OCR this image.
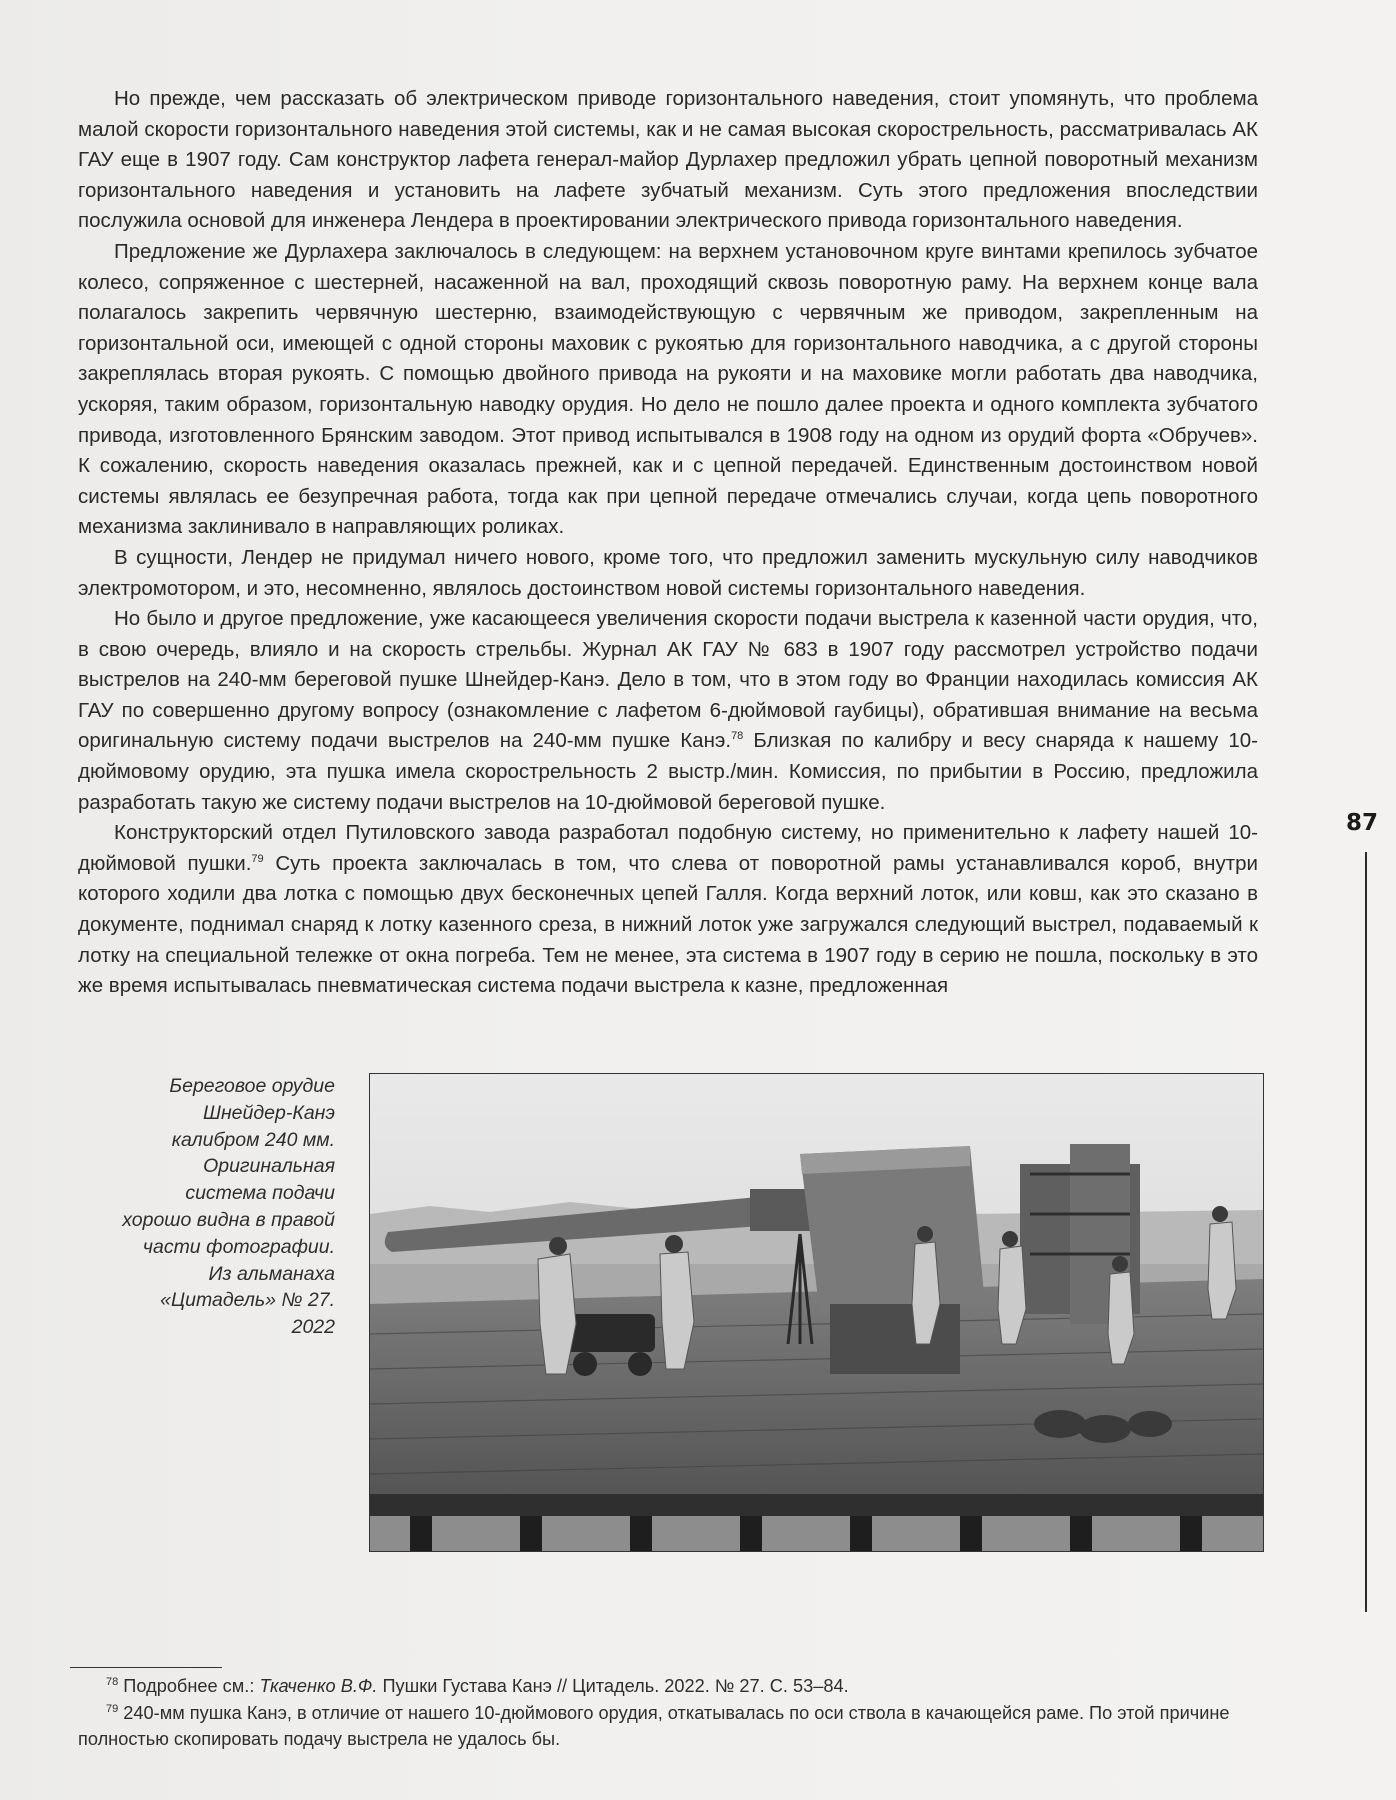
Но прежде, чем рассказать об электрическом приводе горизонтального наведения, стоит упомянуть, что проблема малой скорости горизонтального наведения этой системы, как и не самая высокая скорострельность, рассматривалась АК ГАУ еще в 1907 году. Сам конструктор лафета генерал-майор Дурлахер предложил убрать цепной поворотный механизм горизонтального наведения и установить на лафете зубчатый механизм. Суть этого предложения впоследствии послужила основой для инженера Лендера в проектировании электрического привода горизонтального наведения.

Предложение же Дурлахера заключалось в следующем: на верхнем установочном круге винтами крепилось зубчатое колесо, сопряженное с шестерней, насаженной на вал, проходящий сквозь поворотную раму. На верхнем конце вала полагалось закрепить червячную шестерню, взаимодействующую с червячным же приводом, закрепленным на горизонтальной оси, имеющей с одной стороны маховик с рукоятью для горизонтального наводчика, а с другой стороны закреплялась вторая рукоять. С помощью двойного привода на рукояти и на маховике могли работать два наводчика, ускоряя, таким образом, горизонтальную наводку орудия. Но дело не пошло далее проекта и одного комплекта зубчатого привода, изготовленного Брянским заводом. Этот привод испытывался в 1908 году на одном из орудий форта «Обручев». К сожалению, скорость наведения оказалась прежней, как и с цепной передачей. Единственным достоинством новой системы являлась ее безупречная работа, тогда как при цепной передаче отмечались случаи, когда цепь поворотного механизма заклинивало в направляющих роликах.

В сущности, Лендер не придумал ничего нового, кроме того, что предложил заменить мускульную силу наводчиков электромотором, и это, несомненно, являлось достоинством новой системы горизонтального наведения.

Но было и другое предложение, уже касающееся увеличения скорости подачи выстрела к казенной части орудия, что, в свою очередь, влияло и на скорость стрельбы. Журнал АК ГАУ № 683 в 1907 году рассмотрел устройство подачи выстрелов на 240-мм береговой пушке Шнейдер-Канэ. Дело в том, что в этом году во Франции находилась комиссия АК ГАУ по совершенно другому вопросу (ознакомление с лафетом 6-дюймовой гаубицы), обратившая внимание на весьма оригинальную систему подачи выстрелов на 240-мм пушке Канэ.$^{78}$ Близкая по калибру и весу снаряда к нашему 10-дюймовому орудию, эта пушка имела скорострельность 2 выстр./мин. Комиссия, по прибытии в Россию, предложила разработать такую же систему подачи выстрелов на 10-дюймовой береговой пушке.

Конструкторский отдел Путиловского завода разработал подобную систему, но применительно к лафету нашей 10-дюймовой пушки.$^{79}$ Суть проекта заключалась в том, что слева от поворотной рамы устанавливался короб, внутри которого ходили два лотка с помощью двух бесконечных цепей Галля. Когда верхний лоток, или ковш, как это сказано в документе, поднимал снаряд к лотку казенного среза, в нижний лоток уже загружался следующий выстрел, подаваемый к лотку на специальной тележке от окна погреба. Тем не менее, эта система в 1907 году в серию не пошла, поскольку в это же время испытывалась пневматическая система подачи выстрела к казне, предложенная

87
Береговое орудие Шнейдер-Канэ калибром 240 мм. Оригинальная система подачи хорошо видна в правой части фотографии. Из альманаха «Цитадель» № 27. 2022

$^{78}$ Подробнее см.: Ткаченко В.Ф. Пушки Густава Канэ // Цитадель. 2022. № 27. С. 53–84.

$^{79}$ 240-мм пушка Канэ, в отличие от нашего 10-дюймового орудия, откатывалась по оси ствола в качающейся раме. По этой причине полностью скопировать подачу выстрела не удалось бы.
